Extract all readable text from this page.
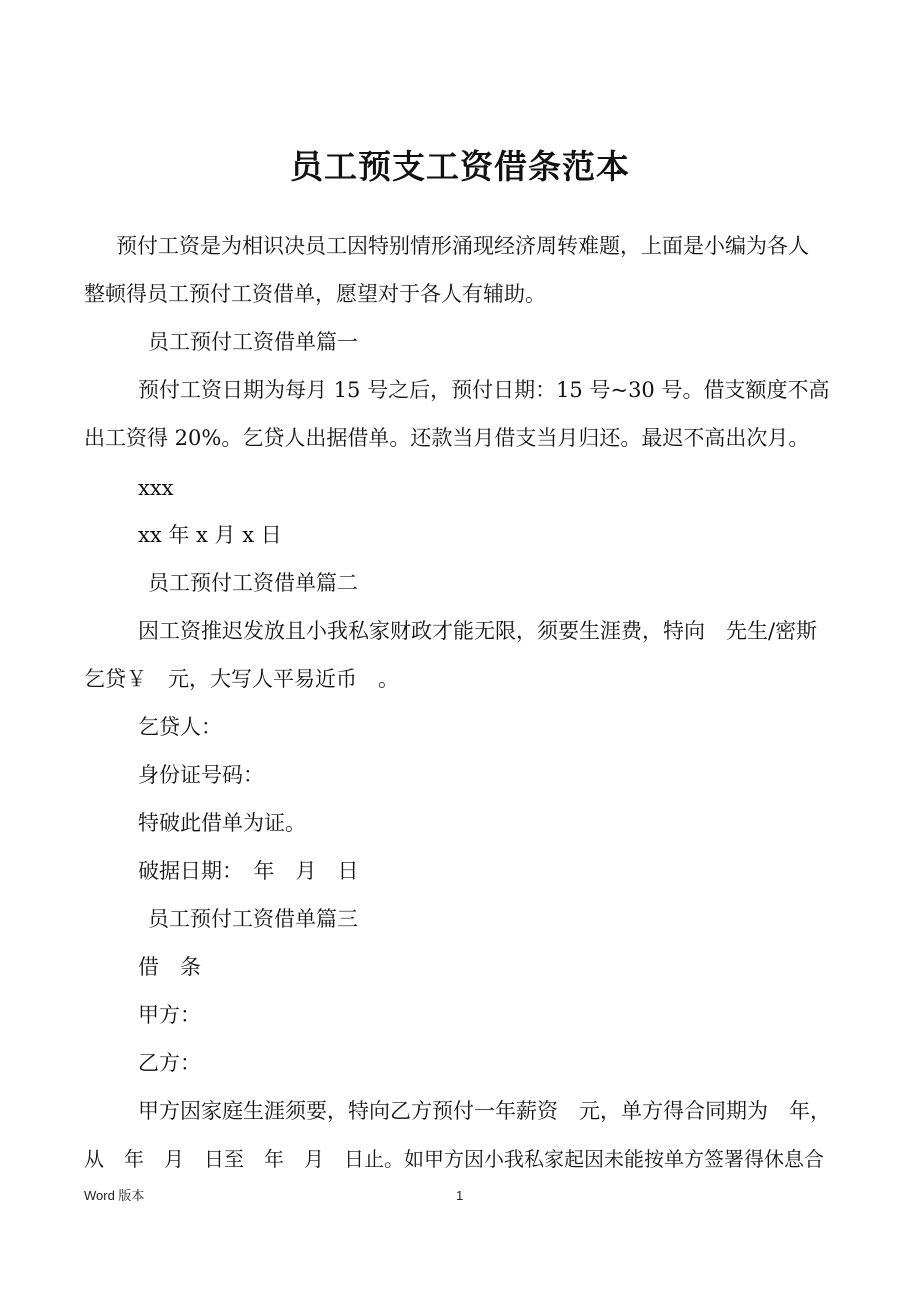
员工预支工资借条范本

预付工资是为相识决员工因特别情形涌现经济周转难题，上面是小编为各人

整顿得员工预付工资借单，愿望对于各人有辅助。

员工预付工资借单篇一

预付工资日期为每月 15 号之后，预付日期：15 号~30 号。借支额度不高

出工资得 20%。乞贷人出据借单。还款当月借支当月归还。最迟不高出次月。

xxx

xx 年 x 月 x 日

员工预付工资借单篇二

因工资推迟发放且小我私家财政才能无限，须要生涯费，特向　先生/密斯

乞贷￥　元，大写人平易近币　。

乞贷人：

身份证号码：

特破此借单为证。

破据日期：　年　月　日

员工预付工资借单篇三

借　条

甲方：

乙方：

甲方因家庭生涯须要，特向乙方预付一年薪资　元，单方得合同期为　年，

从　年　月　日至　年　月　日止。如甲方因小我私家起因未能按单方签署得休息合

Word 版本	1
